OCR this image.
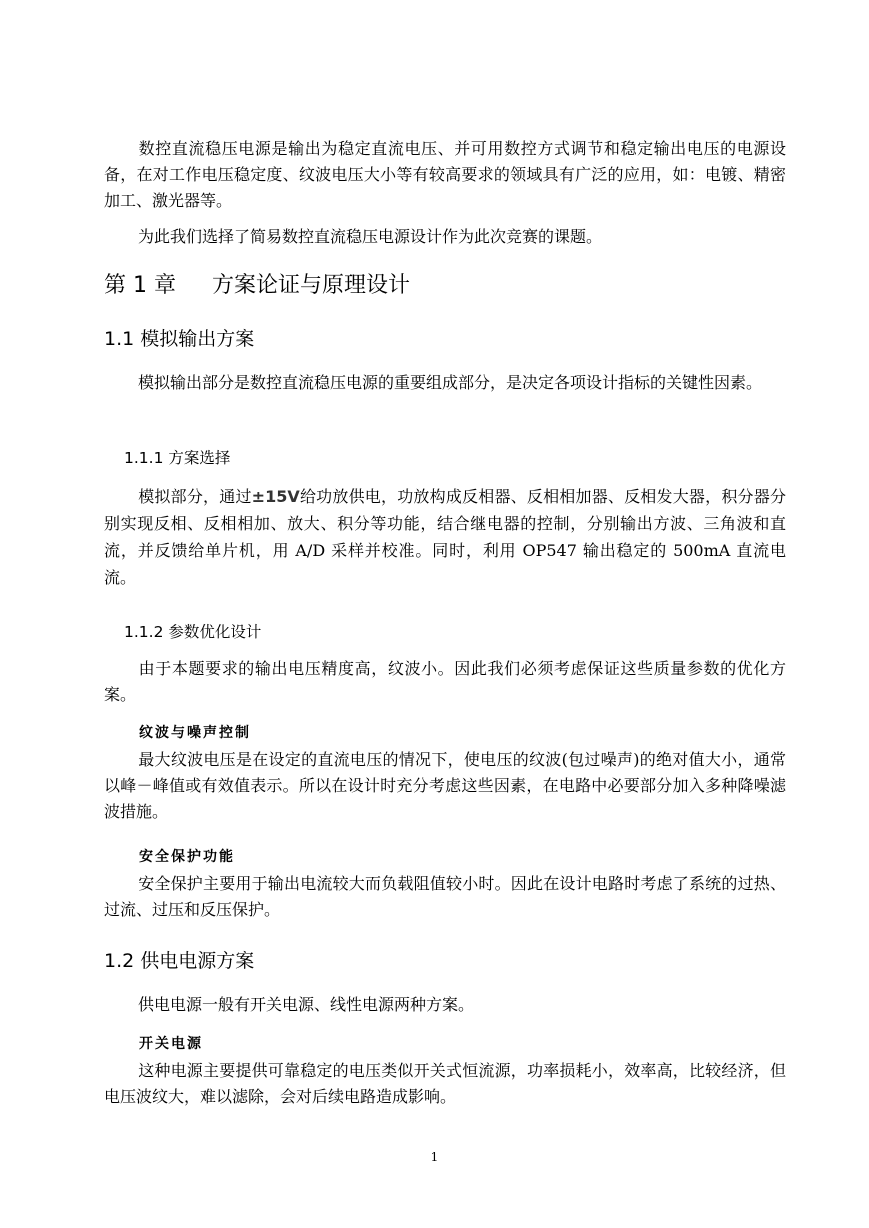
数控直流稳压电源是输出为稳定直流电压、并可用数控方式调节和稳定输出电压的电源设备，在对工作电压稳定度、纹波电压大小等有较高要求的领域具有广泛的应用，如：电镀、精密加工、激光器等。

为此我们选择了简易数控直流稳压电源设计作为此次竞赛的课题。

第 1 章 方案论证与原理设计
1.1 模拟输出方案

模拟输出部分是数控直流稳压电源的重要组成部分，是决定各项设计指标的关键性因素。

1.1.1 方案选择

模拟部分，通过±15V给功放供电，功放构成反相器、反相相加器、反相发大器，积分器分别实现反相、反相相加、放大、积分等功能，结合继电器的控制，分别输出方波、三角波和直流，并反馈给单片机，用 A/D 采样并校准。同时，利用 OP547 输出稳定的 500mA 直流电流。

1.1.2 参数优化设计

由于本题要求的输出电压精度高，纹波小。因此我们必须考虑保证这些质量参数的优化方案。

纹波与噪声控制

最大纹波电压是在设定的直流电压的情况下，使电压的纹波(包过噪声)的绝对值大小，通常以峰－峰值或有效值表示。所以在设计时充分考虑这些因素，在电路中必要部分加入多种降噪滤波措施。

安全保护功能

安全保护主要用于输出电流较大而负载阻值较小时。因此在设计电路时考虑了系统的过热、过流、过压和反压保护。

1.2 供电电源方案

供电电源一般有开关电源、线性电源两种方案。

开关电源

这种电源主要提供可靠稳定的电压类似开关式恒流源，功率损耗小，效率高，比较经济，但电压波纹大，难以滤除，会对后续电路造成影响。

1
